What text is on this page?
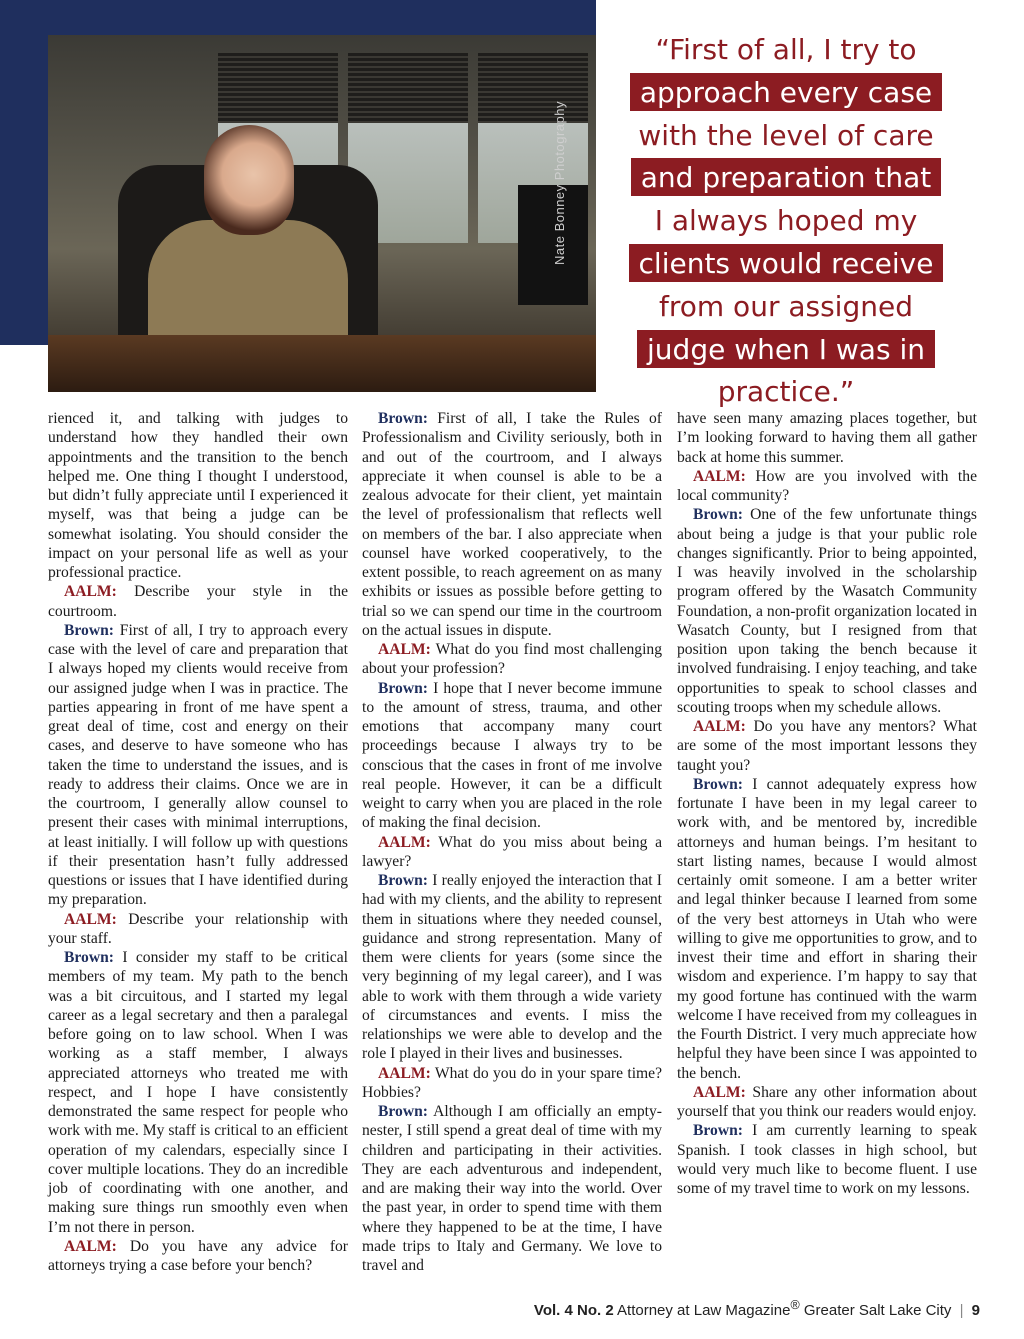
Nate Bonney Photography
“First of all, I try to
approach every case
with the level of care
and preparation that
I always hoped my
clients would receive
from our assigned
judge when I was in
practice.”

rienced it, and talking with judges to understand how they handled their own appointments and the transition to the bench helped me. One thing I thought I understood, but didn’t fully appreciate until I experienced it myself, was that being a judge can be somewhat isolating. You should consider the impact on your personal life as well as your professional practice.

AALM: Describe your style in the courtroom.

Brown: First of all, I try to approach every case with the level of care and preparation that I always hoped my clients would receive from our assigned judge when I was in practice. The parties appearing in front of me have spent a great deal of time, cost and energy on their cases, and deserve to have someone who has taken the time to understand the issues, and is ready to address their claims. Once we are in the courtroom, I generally allow counsel to present their cases with minimal interruptions, at least initially. I will follow up with questions if their presentation hasn’t fully addressed questions or issues that I have identified during my preparation.

AALM: Describe your relationship with your staff.

Brown: I consider my staff to be critical members of my team. My path to the bench was a bit circuitous, and I started my legal career as a legal secretary and then a paralegal before going on to law school. When I was working as a staff member, I always appreciated attorneys who treated me with respect, and I hope I have consistently demonstrated the same respect for people who work with me. My staff is critical to an efficient operation of my calendars, especially since I cover multiple locations. They do an incredible job of coordinating with one another, and making sure things run smoothly even when I’m not there in person.

AALM: Do you have any advice for attorneys trying a case before your bench?

Brown: First of all, I take the Rules of Professionalism and Civility seriously, both in and out of the courtroom, and I always appreciate it when counsel is able to be a zealous advocate for their client, yet maintain the level of professionalism that reflects well on members of the bar. I also appreciate when counsel have worked cooperatively, to the extent possible, to reach agreement on as many exhibits or issues as possible before getting to trial so we can spend our time in the courtroom on the actual issues in dispute.

AALM: What do you find most challenging about your profession?

Brown: I hope that I never become immune to the amount of stress, trauma, and other emotions that accompany many court proceedings because I always try to be conscious that the cases in front of me involve real people. However, it can be a difficult weight to carry when you are placed in the role of making the final decision.

AALM: What do you miss about being a lawyer?

Brown: I really enjoyed the interaction that I had with my clients, and the ability to represent them in situations where they needed counsel, guidance and strong representation. Many of them were clients for years (some since the very beginning of my legal career), and I was able to work with them through a wide variety of circumstances and events. I miss the relationships we were able to develop and the role I played in their lives and businesses.

AALM: What do you do in your spare time? Hobbies?

Brown: Although I am officially an empty-nester, I still spend a great deal of time with my children and participating in their activities. They are each adventurous and independent, and are making their way into the world. Over the past year, in order to spend time with them where they happened to be at the time, I have made trips to Italy and Germany. We love to travel and

have seen many amazing places together, but I’m looking forward to having them all gather back at home this summer.

AALM: How are you involved with the local community?

Brown: One of the few unfortunate things about being a judge is that your public role changes significantly. Prior to being appointed, I was heavily involved in the scholarship program offered by the Wasatch Community Foundation, a non-profit organization located in Wasatch County, but I resigned from that position upon taking the bench because it involved fundraising. I enjoy teaching, and take opportunities to speak to school classes and scouting troops when my schedule allows.

AALM: Do you have any mentors? What are some of the most important lessons they taught you?

Brown: I cannot adequately express how fortunate I have been in my legal career to work with, and be mentored by, incredible attorneys and human beings. I’m hesitant to start listing names, because I would almost certainly omit someone. I am a better writer and legal thinker because I learned from some of the very best attorneys in Utah who were willing to give me opportunities to grow, and to invest their time and effort in sharing their wisdom and experience. I’m happy to say that my good fortune has continued with the warm welcome I have received from my colleagues in the Fourth District. I very much appreciate how helpful they have been since I was appointed to the bench.

AALM: Share any other information about yourself that you think our readers would enjoy.

Brown: I am currently learning to speak Spanish. I took classes in high school, but would very much like to become fluent. I use some of my travel time to work on my lessons.

Vol. 4 No. 2 Attorney at Law Magazine® Greater Salt Lake City | 9
